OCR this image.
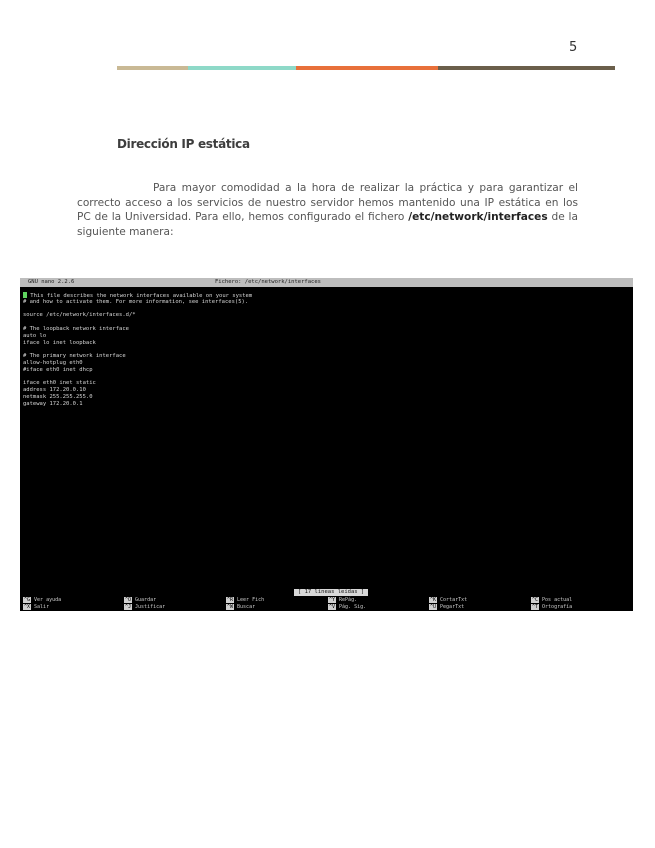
5
Dirección IP estática
Para mayor comodidad a la hora de realizar la práctica y para garantizar el correcto acceso a los servicios de nuestro servidor hemos mantenido una IP estática en los PC de la Universidad. Para ello, hemos configurado el fichero /etc/network/interfaces de la siguiente manera:
GNU nano 2.2.6	Fichero: /etc/network/interfaces
This file describes the network interfaces available on your system
# and how to activate them. For more information, see interfaces(5).
source /etc/network/interfaces.d/*
# The loopback network interface
auto lo
iface lo inet loopback
# The primary network interface
allow-hotplug eth0
#iface eth0 inet dhcp
iface eth0 inet static
address 172.20.0.10
netmask 255.255.255.0
gateway 172.20.0.1
[ 17 líneas leídas ]
^G Ver ayuda	^O Guardar	^R Leer Fich	^Y RePág.	^K CortarTxt	^C Pos actual
^X Salir	^J Justificar	^W Buscar	^V Pág. Sig.	^U PegarTxt	^T Ortografía
